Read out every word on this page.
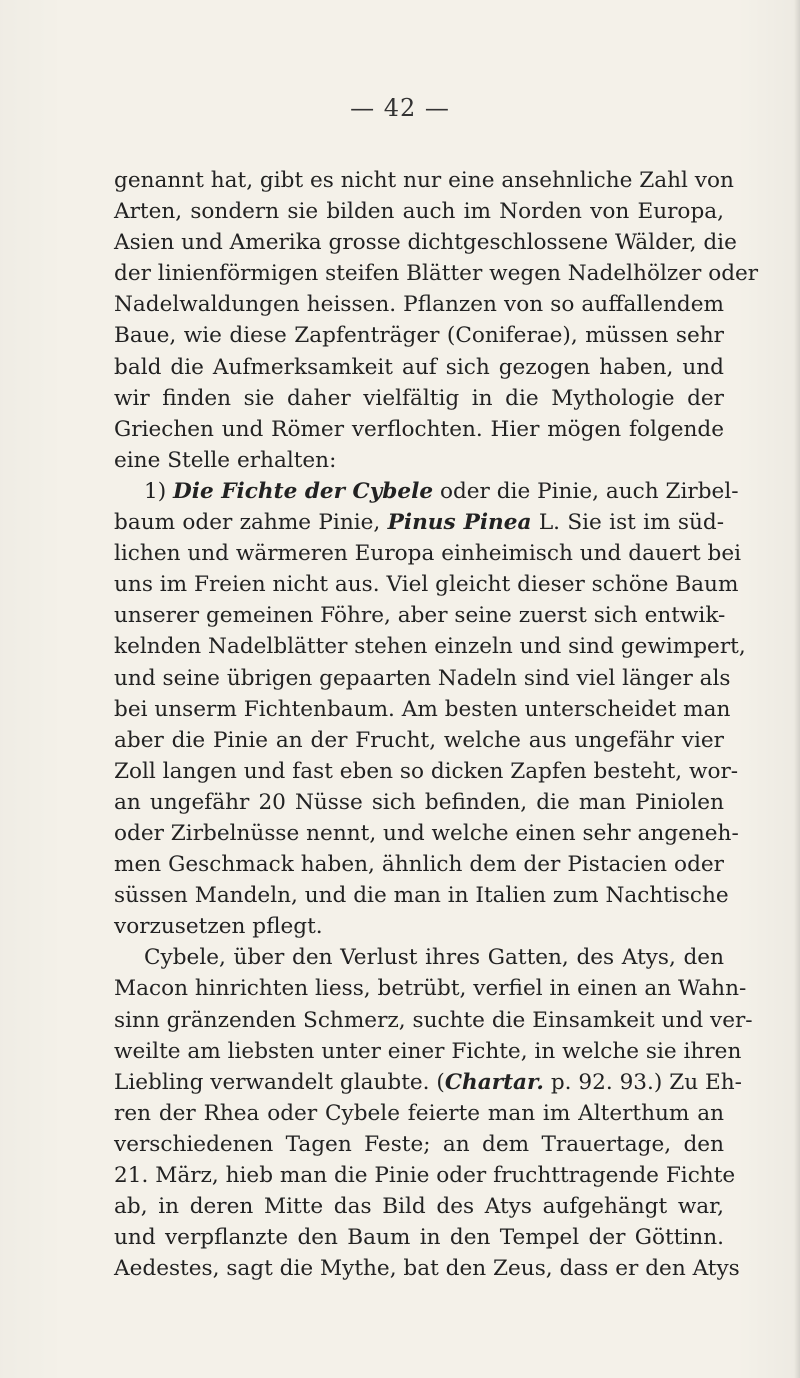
— 42 —
genannt hat, gibt es nicht nur eine ansehnliche Zahl von
Arten, sondern sie bilden auch im Norden von Europa,
Asien und Amerika grosse dichtgeschlossene Wälder, die
der linienförmigen steifen Blätter wegen Nadelhölzer oder
Nadelwaldungen heissen. Pflanzen von so auffallendem
Baue, wie diese Zapfenträger (Coniferae), müssen sehr
bald die Aufmerksamkeit auf sich gezogen haben, und
wir finden sie daher vielfältig in die Mythologie der
Griechen und Römer verflochten. Hier mögen folgende
eine Stelle erhalten:
1) Die Fichte der Cybele oder die Pinie, auch Zirbel-
baum oder zahme Pinie, Pinus Pinea L. Sie ist im süd-
lichen und wärmeren Europa einheimisch und dauert bei
uns im Freien nicht aus. Viel gleicht dieser schöne Baum
unserer gemeinen Föhre, aber seine zuerst sich entwik-
kelnden Nadelblätter stehen einzeln und sind gewimpert,
und seine übrigen gepaarten Nadeln sind viel länger als
bei unserm Fichtenbaum. Am besten unterscheidet man
aber die Pinie an der Frucht, welche aus ungefähr vier
Zoll langen und fast eben so dicken Zapfen besteht, wor-
an ungefähr 20 Nüsse sich befinden, die man Piniolen
oder Zirbelnüsse nennt, und welche einen sehr angeneh-
men Geschmack haben, ähnlich dem der Pistacien oder
süssen Mandeln, und die man in Italien zum Nachtische
vorzusetzen pflegt.
Cybele, über den Verlust ihres Gatten, des Atys, den
Macon hinrichten liess, betrübt, verfiel in einen an Wahn-
sinn gränzenden Schmerz, suchte die Einsamkeit und ver-
weilte am liebsten unter einer Fichte, in welche sie ihren
Liebling verwandelt glaubte. (Chartar. p. 92. 93.) Zu Eh-
ren der Rhea oder Cybele feierte man im Alterthum an
verschiedenen Tagen Feste; an dem Trauertage, den
21. März, hieb man die Pinie oder fruchttragende Fichte
ab, in deren Mitte das Bild des Atys aufgehängt war,
und verpflanzte den Baum in den Tempel der Göttinn.
Aedestes, sagt die Mythe, bat den Zeus, dass er den Atys
